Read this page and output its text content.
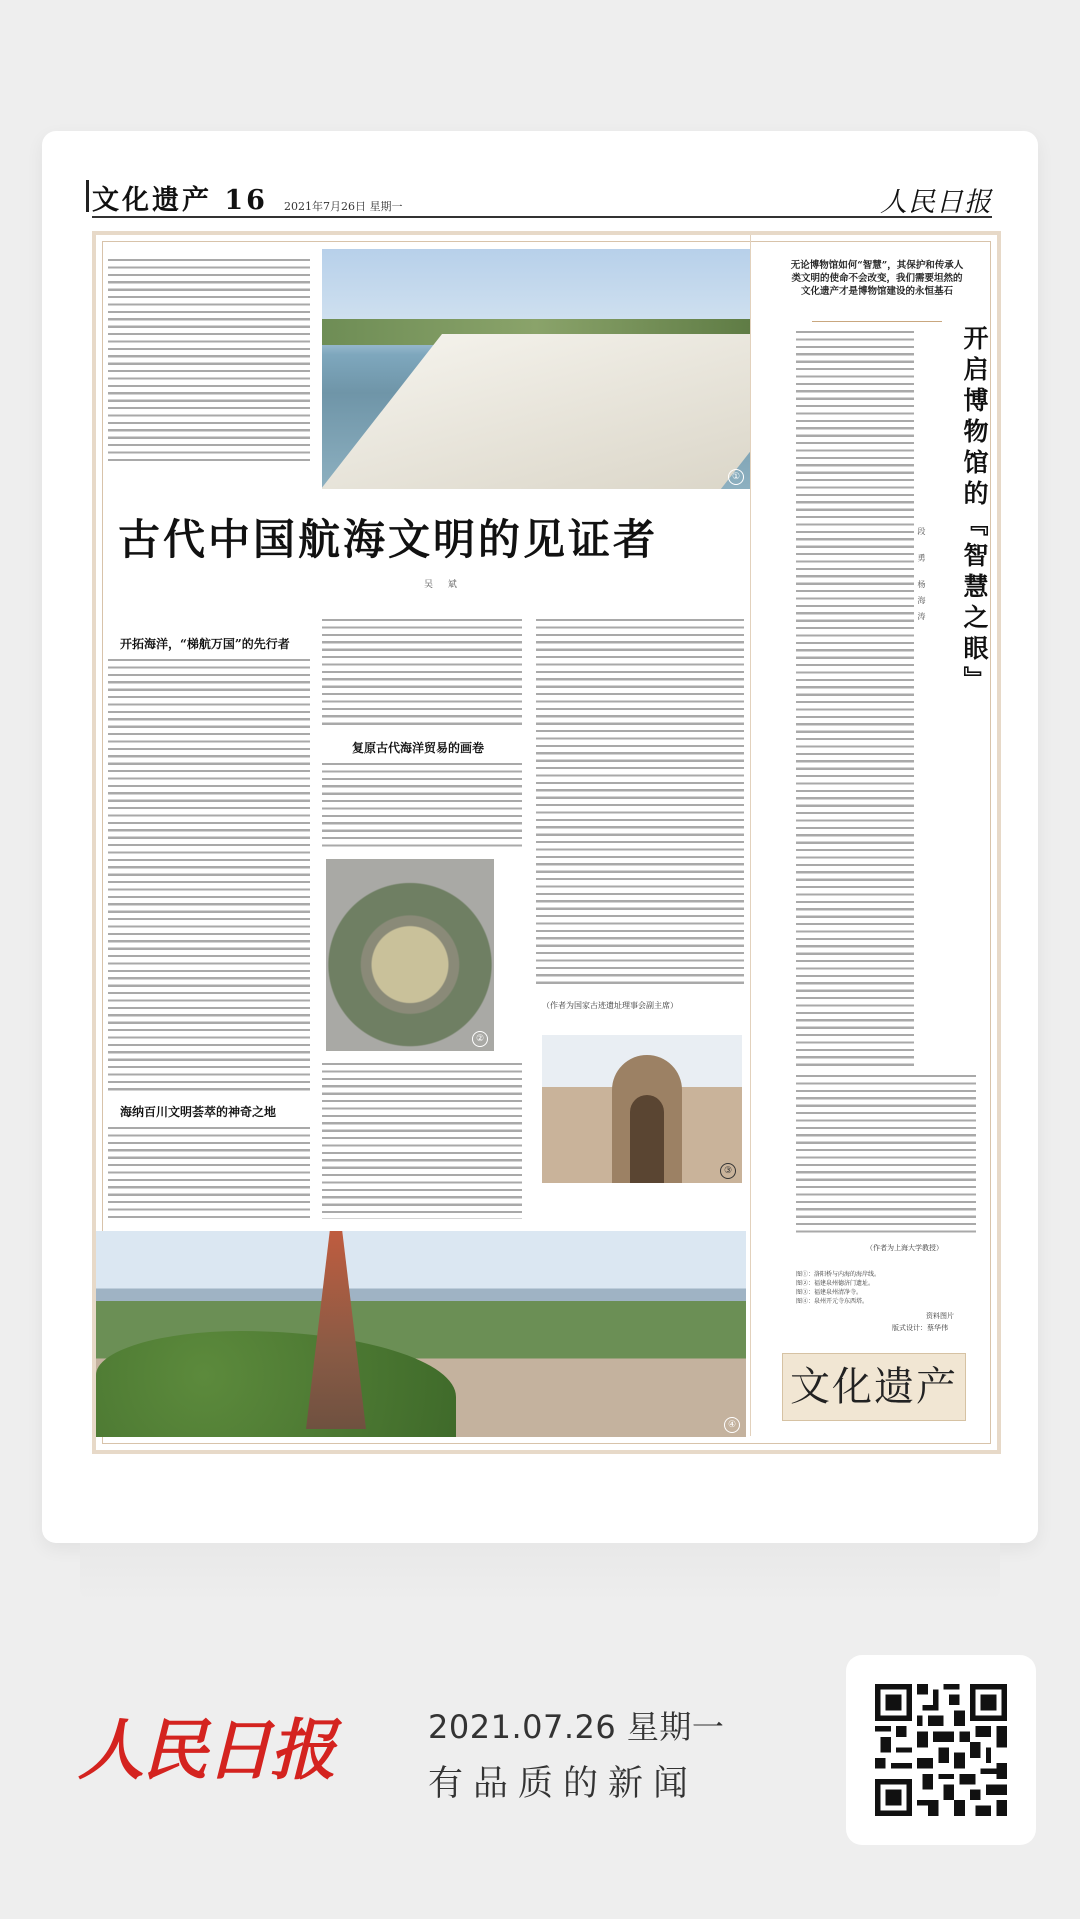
文化遗产 16 2021年7月26日 星期一	人民日报
①
古代中国航海文明的见证者
吴 斌
开拓海洋，“梯航万国”的先行者
海纳百川文明荟萃的神奇之地
复原古代海洋贸易的画卷
②
（作者为国家古迹遗址理事会副主席）
③
④
无论博物馆如何“智慧”，其保护和传承人类文明的使命不会改变，我们需要坦然的文化遗产才是博物馆建设的永恒基石
开启博物馆的『智慧之眼』
段 勇 杨海涛
（作者为上海大学教授）
图①：洛阳桥与内海的海岸线。
图②：福建泉州德济门遗址。
图③：福建泉州清净寺。
图④：泉州开元寺东西塔。
资料图片
版式设计：蔡华伟
文化遗产
人民日报	2021.07.26 星期一
有品质的新闻
